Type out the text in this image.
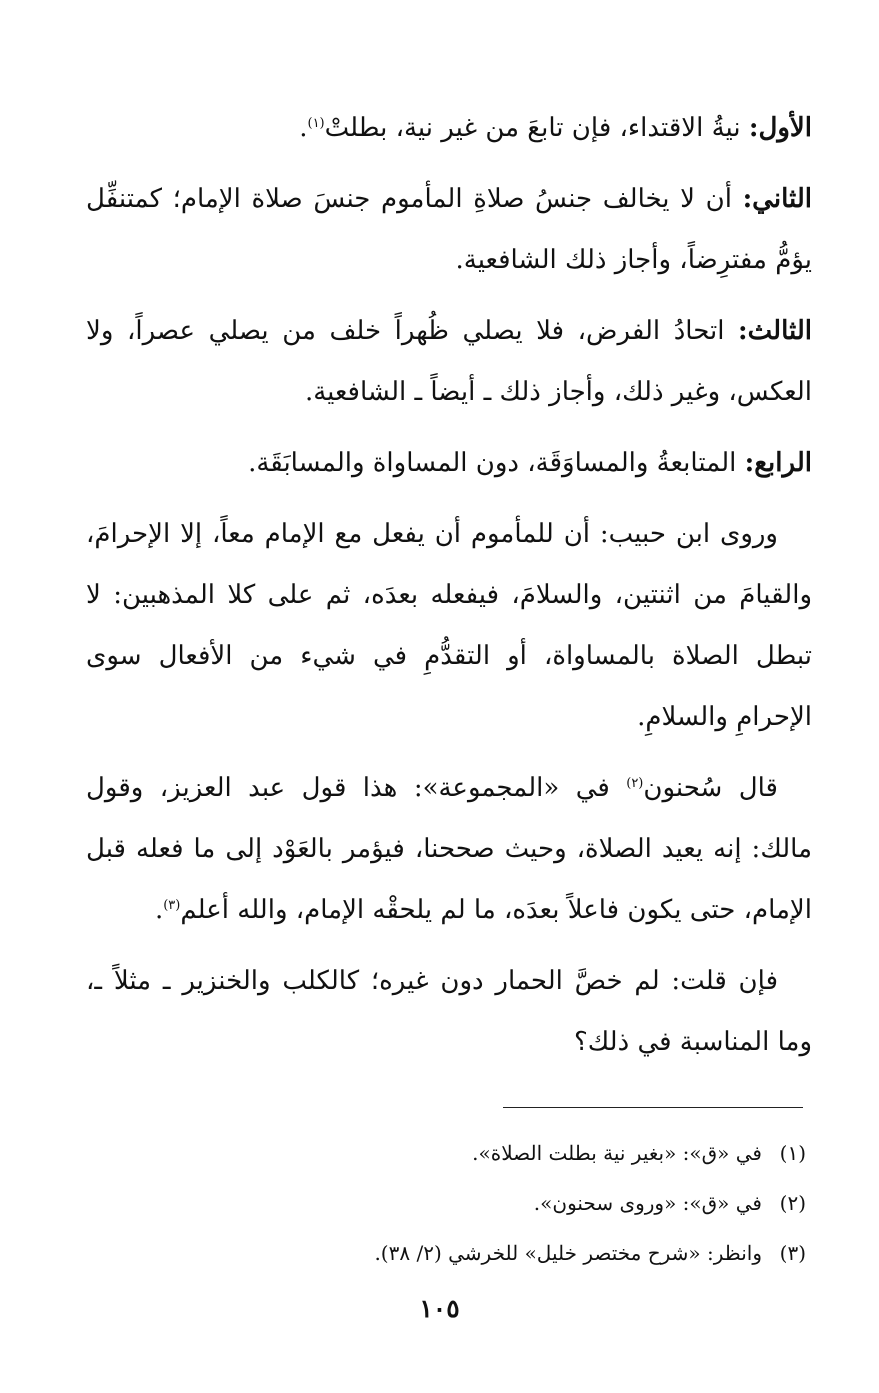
الأول: نيةُ الاقتداء، فإن تابعَ من غير نية، بطلتْ$^{(١)}$.

الثاني: أن لا يخالف جنسُ صلاةِ المأموم جنسَ صلاة الإمام؛ كمتنفِّل يؤمُّ مفترِضاً، وأجاز ذلك الشافعية.

الثالث: اتحادُ الفرض، فلا يصلي ظُهراً خلف من يصلي عصراً، ولا العكس، وغير ذلك، وأجاز ذلك ـ أيضاً ـ الشافعية.

الرابع: المتابعةُ والمساوَقَة، دون المساواة والمسابَقَة.

وروى ابن حبيب: أن للمأموم أن يفعل مع الإمام معاً، إلا الإحرامَ، والقيامَ من اثنتين، والسلامَ، فيفعله بعدَه، ثم على كلا المذهبين: لا تبطل الصلاة بالمساواة، أو التقدُّمِ في شيء من الأفعال سوى الإحرامِ والسلامِ.

قال سُحنون$^{(٢)}$ في «المجموعة»: هذا قول عبد العزيز، وقول مالك: إنه يعيد الصلاة، وحيث صححنا، فيؤمر بالعَوْد إلى ما فعله قبل الإمام، حتى يكون فاعلاً بعدَه، ما لم يلحقْه الإمام، والله أعلم$^{(٣)}$.

فإن قلت: لم خصَّ الحمار دون غيره؛ كالكلب والخنزير ـ مثلاً ـ، وما المناسبة في ذلك؟

(١)
في «ق»: «بغير نية بطلت الصلاة».
(٢)
في «ق»: «وروى سحنون».
(٣)
وانظر: «شرح مختصر خليل» للخرشي (٢/ ٣٨).
١٠٥
